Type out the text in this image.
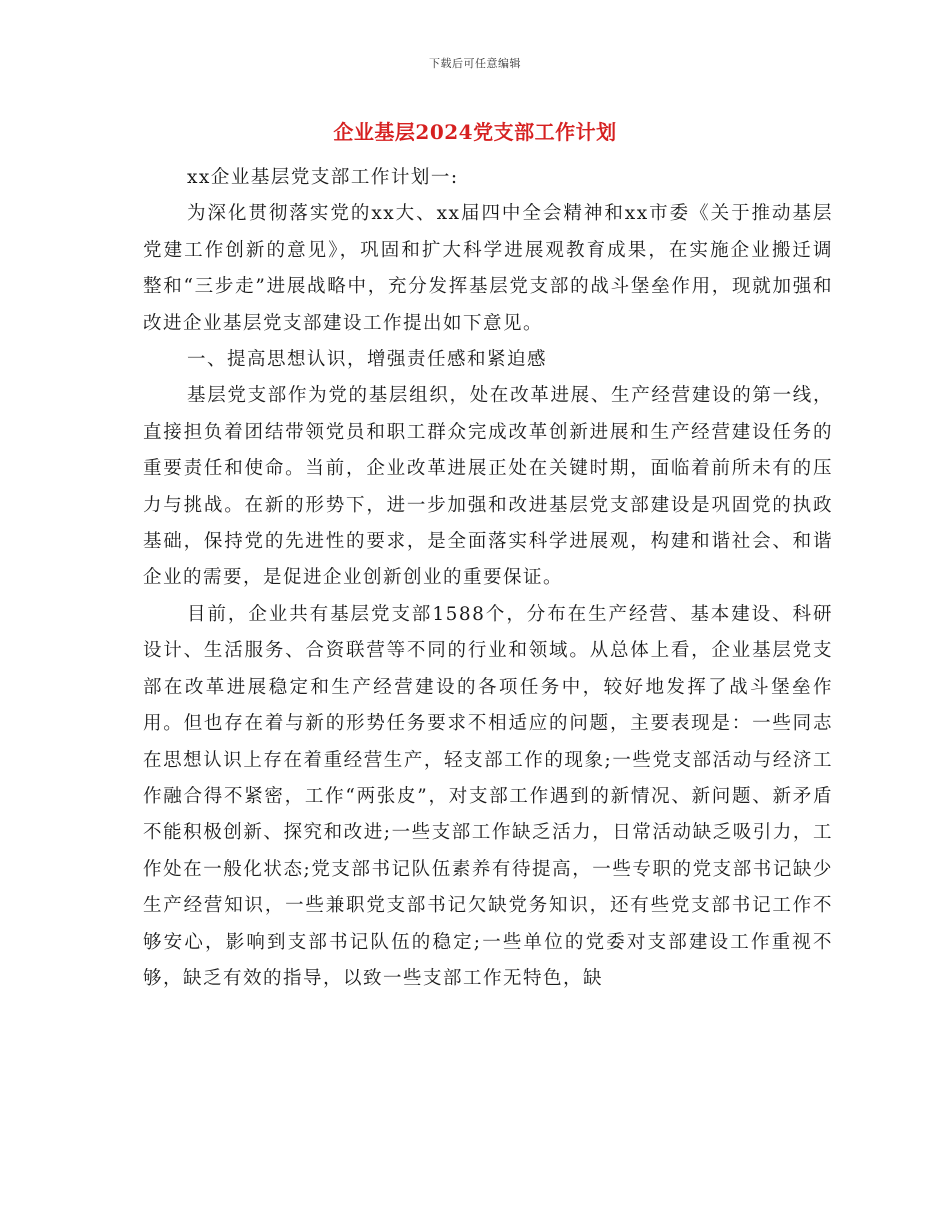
下载后可任意编辑
企业基层2024党支部工作计划

xx企业基层党支部工作计划一:

为深化贯彻落实党的xx大、xx届四中全会精神和xx市委《关于推动基层党建工作创新的意见》，巩固和扩大科学进展观教育成果，在实施企业搬迁调整和“三步走”进展战略中，充分发挥基层党支部的战斗堡垒作用，现就加强和改进企业基层党支部建设工作提出如下意见。

一、提高思想认识，增强责任感和紧迫感

基层党支部作为党的基层组织，处在改革进展、生产经营建设的第一线，直接担负着团结带领党员和职工群众完成改革创新进展和生产经营建设任务的重要责任和使命。当前，企业改革进展正处在关键时期，面临着前所未有的压力与挑战。在新的形势下，进一步加强和改进基层党支部建设是巩固党的执政基础，保持党的先进性的要求，是全面落实科学进展观，构建和谐社会、和谐企业的需要，是促进企业创新创业的重要保证。

目前，企业共有基层党支部1588个，分布在生产经营、基本建设、科研设计、生活服务、合资联营等不同的行业和领域。从总体上看，企业基层党支部在改革进展稳定和生产经营建设的各项任务中，较好地发挥了战斗堡垒作用。但也存在着与新的形势任务要求不相适应的问题，主要表现是：一些同志在思想认识上存在着重经营生产，轻支部工作的现象;一些党支部活动与经济工作融合得不紧密，工作“两张皮”，对支部工作遇到的新情况、新问题、新矛盾不能积极创新、探究和改进;一些支部工作缺乏活力，日常活动缺乏吸引力，工作处在一般化状态;党支部书记队伍素养有待提高，一些专职的党支部书记缺少生产经营知识，一些兼职党支部书记欠缺党务知识，还有些党支部书记工作不够安心，影响到支部书记队伍的稳定;一些单位的党委对支部建设工作重视不够，缺乏有效的指导，以致一些支部工作无特色，缺
